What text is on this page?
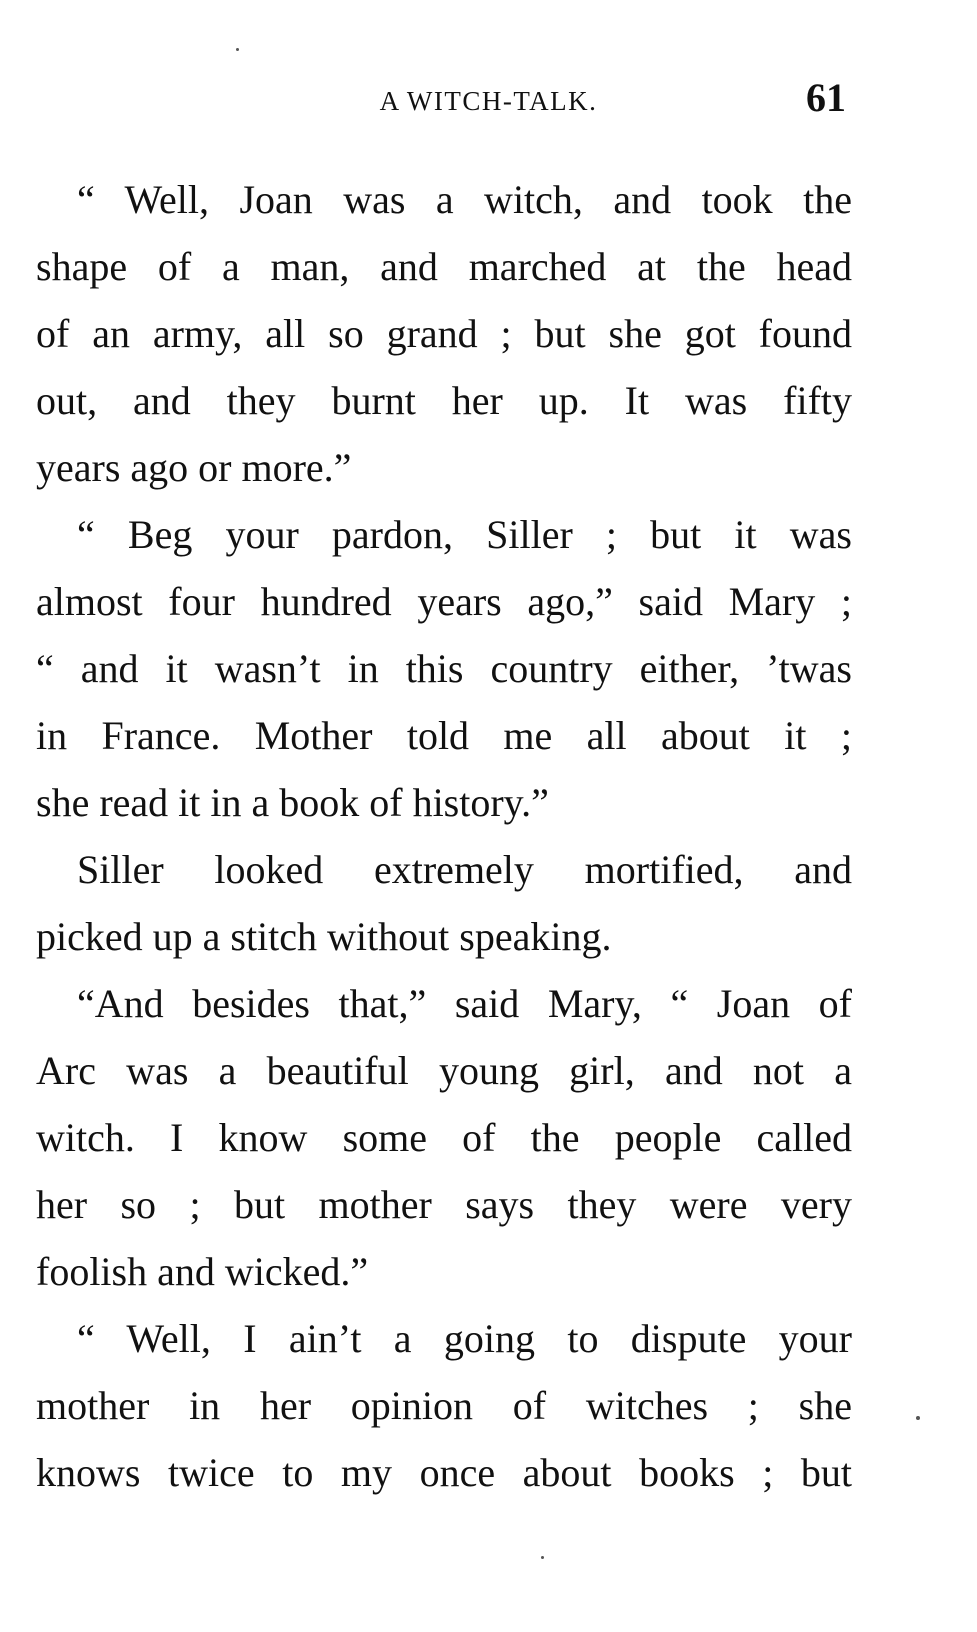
A WITCH-TALK.	61
“ Well, Joan was a witch, and took the
shape of a man, and marched at the head
of an army, all so grand ; but she got found
out, and they burnt her up. It was fifty
years ago or more.”
“ Beg your pardon, Siller ; but it was
almost four hundred years ago,” said Mary ;
“ and it wasn’t in this country either, ’twas
in France. Mother told me all about it ;
she read it in a book of history.”
Siller looked extremely mortified, and
picked up a stitch without speaking.
“And besides that,” said Mary, “ Joan of
Arc was a beautiful young girl, and not a
witch. I know some of the people called
her so ; but mother says they were very
foolish and wicked.”
“ Well, I ain’t a going to dispute your
mother in her opinion of witches ; she
knows twice to my once about books ; but
